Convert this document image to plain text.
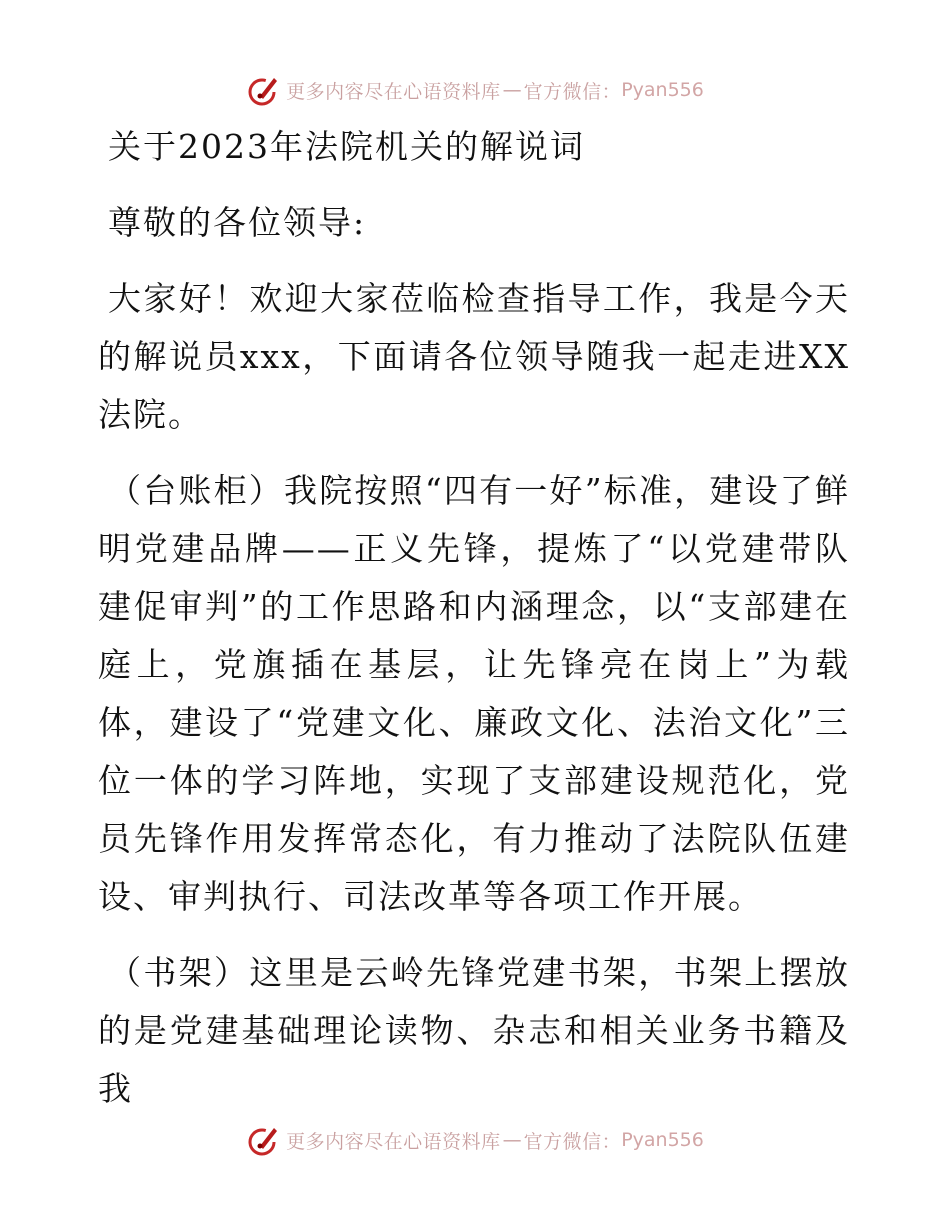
更多内容尽在心语资料库 — 官方微信： Pyan556

关于2023年法院机关的解说词

尊敬的各位领导:

大家好！欢迎大家莅临检查指导工作，我是今天的解说员xxx，下面请各位领导随我一起走进XX法院。

（台账柜）我院按照“四有一好”标准，建设了鲜明党建品牌——正义先锋，提炼了“以党建带队建促审判”的工作思路和内涵理念，以“支部建在庭上，党旗插在基层，让先锋亮在岗上”为载体，建设了“党建文化、廉政文化、法治文化”三位一体的学习阵地，实现了支部建设规范化，党员先锋作用发挥常态化，有力推动了法院队伍建设、审判执行、司法改革等各项工作开展。

（书架）这里是云岭先锋党建书架，书架上摆放的是党建基础理论读物、杂志和相关业务书籍及我

更多内容尽在心语资料库 — 官方微信： Pyan556
